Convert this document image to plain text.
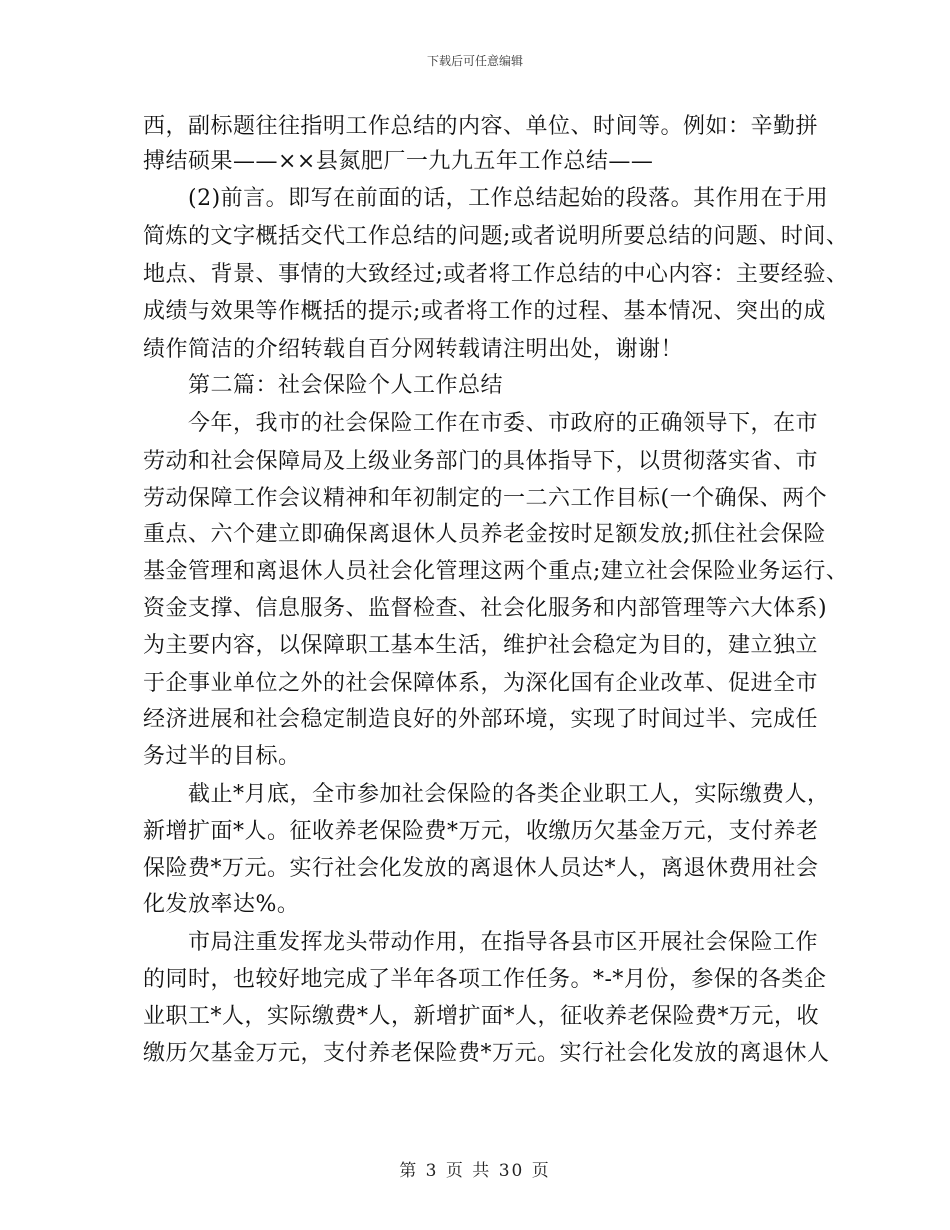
下载后可任意编辑
西，副标题往往指明工作总结的内容、单位、时间等。例如：辛勤拼
搏结硕果——××县氮肥厂一九九五年工作总结——
　　(2)前言。即写在前面的话，工作总结起始的段落。其作用在于用
简炼的文字概括交代工作总结的问题;或者说明所要总结的问题、时间、
地点、背景、事情的大致经过;或者将工作总结的中心内容：主要经验、
成绩与效果等作概括的提示;或者将工作的过程、基本情况、突出的成
绩作简洁的介绍转载自百分网转载请注明出处，谢谢！
　　第二篇：社会保险个人工作总结
　　今年，我市的社会保险工作在市委、市政府的正确领导下，在市
劳动和社会保障局及上级业务部门的具体指导下，以贯彻落实省、市
劳动保障工作会议精神和年初制定的一二六工作目标(一个确保、两个
重点、六个建立即确保离退休人员养老金按时足额发放;抓住社会保险
基金管理和离退休人员社会化管理这两个重点;建立社会保险业务运行、
资金支撑、信息服务、监督检查、社会化服务和内部管理等六大体系)
为主要内容，以保障职工基本生活，维护社会稳定为目的，建立独立
于企事业单位之外的社会保障体系，为深化国有企业改革、促进全市
经济进展和社会稳定制造良好的外部环境，实现了时间过半、完成任
务过半的目标。
　　截止*月底，全市参加社会保险的各类企业职工人，实际缴费人，
新增扩面*人。征收养老保险费*万元，收缴历欠基金万元，支付养老
保险费*万元。实行社会化发放的离退休人员达*人，离退休费用社会
化发放率达%。
　　市局注重发挥龙头带动作用，在指导各县市区开展社会保险工作
的同时，也较好地完成了半年各项工作任务。*-*月份，参保的各类企
业职工*人，实际缴费*人，新增扩面*人，征收养老保险费*万元，收
缴历欠基金万元，支付养老保险费*万元。实行社会化发放的离退休人
第 3 页 共 30 页
